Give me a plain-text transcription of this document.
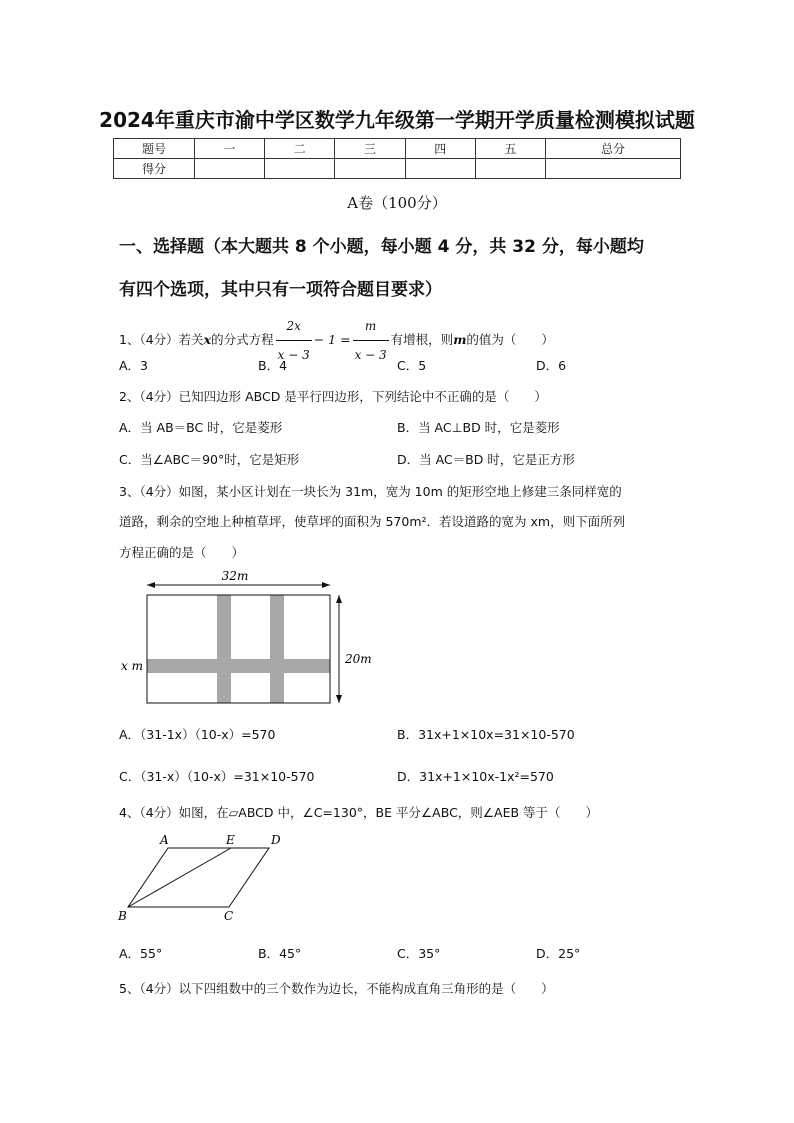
2024年重庆市渝中学区数学九年级第一学期开学质量检测模拟试题
题号	一	二	三	四	五	总分
得分						
A卷（100分）
一、选择题（本大题共 8 个小题，每小题 4 分，共 32 分，每小题均
有四个选项，其中只有一项符合题目要求）
1、（4分）若关x的分式方程 $\frac{2x}{x - 3} - 1 = \frac{m}{x - 3}$ 有增根，则m的值为（　　）
A．3	B．4	C．5	D．6
2、（4分）已知四边形 ABCD 是平行四边形，下列结论中不正确的是（　　）
A．当 AB＝BC 时，它是菱形	B．当 AC⊥BD 时，它是菱形
C．当∠ABC＝90°时，它是矩形	D．当 AC＝BD 时，它是正方形
3、（4分）如图，某小区计划在一块长为 31m，宽为 10m 的矩形空地上修建三条同样宽的
道路，剩余的空地上种植草坪，使草坪的面积为 570m²．若设道路的宽为 xm，则下面所列
方程正确的是（　　）
32m
20m
x m
A．（31-1x）（10-x）=570	B．31x+1×10x=31×10-570
C．（31-x）（10-x）=31×10-570	D．31x+1×10x-1x²=570
4、（4分）如图，在▱ABCD 中，∠C=130°，BE 平分∠ABC，则∠AEB 等于（　　）
A	E	D
B	C
A．55°	B．45°	C．35°	D．25°
5、（4分）以下四组数中的三个数作为边长，不能构成直角三角形的是（　　）
